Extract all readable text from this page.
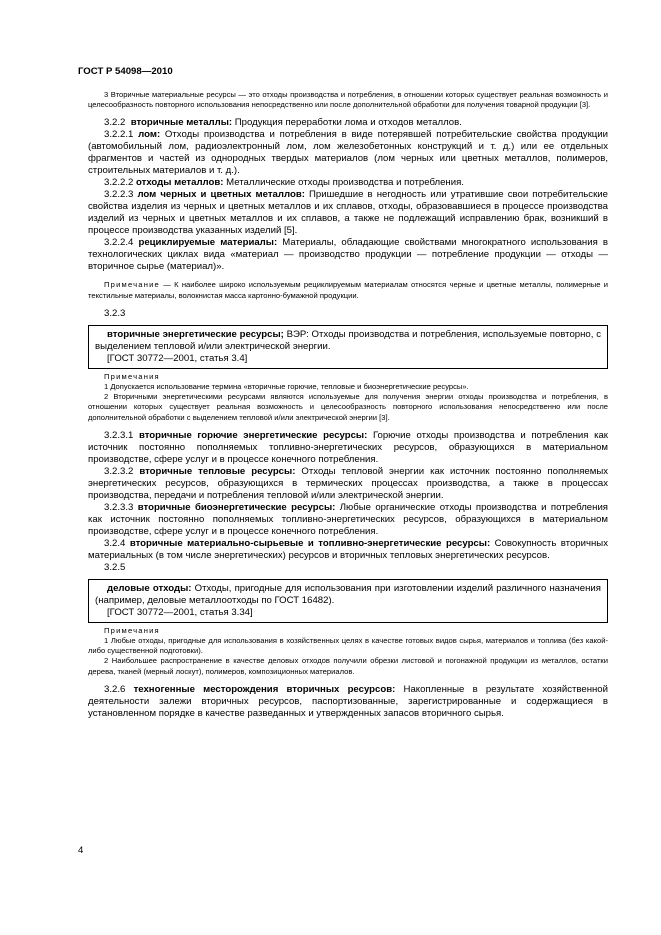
ГОСТ Р 54098—2010

3 Вторичные материальные ресурсы — это отходы производства и потребления, в отношении которых существует реальная возможность и целесообразность повторного использования непосредственно или после дополнительной обработки для получения товарной продукции [3].

3.2.2 вторичные металлы: Продукция переработки лома и отходов металлов.

3.2.2.1 лом: Отходы производства и потребления в виде потерявшей потребительские свойства продукции (автомобильный лом, радиоэлектронный лом, лом железобетонных конструкций и т. д.) или ее отдельных фрагментов и частей из однородных твердых материалов (лом черных или цветных металлов, полимеров, строительных материалов и т. д.).

3.2.2.2 отходы металлов: Металлические отходы производства и потребления.

3.2.2.3 лом черных и цветных металлов: Пришедшие в негодность или утратившие свои потребительские свойства изделия из черных и цветных металлов и их сплавов, отходы, образовавшиеся в процессе производства изделий из черных и цветных металлов и их сплавов, а также не подлежащий исправлению брак, возникший в процессе производства указанных изделий [5].

3.2.2.4 рециклируемые материалы: Материалы, обладающие свойствами многократного использования в технологических циклах вида «материал — производство продукции — потребление продукции — отходы — вторичное сырье (материал)».

Примечание — К наиболее широко используемым рециклируемым материалам относятся черные и цветные металлы, полимерные и текстильные материалы, волокнистая масса картонно-бумажной продукции.

3.2.3

вторичные энергетические ресурсы; ВЭР: Отходы производства и потребления, используемые повторно, с выделением тепловой и/или электрической энергии.

[ГОСТ 30772—2001, статья 3.4]

Примечания

1 Допускается использование термина «вторичные горючие, тепловые и биоэнергетические ресурсы».

2 Вторичными энергетическими ресурсами являются используемые для получения энергии отходы производства и потребления, в отношении которых существует реальная возможность и целесообразность повторного использования непосредственно или после дополнительной обработки с выделением тепловой и/или электрической энергии [3].

3.2.3.1 вторичные горючие энергетические ресурсы: Горючие отходы производства и потребления как источник постоянно пополняемых топливно-энергетических ресурсов, образующихся в материальном производстве, сфере услуг и в процессе конечного потребления.

3.2.3.2 вторичные тепловые ресурсы: Отходы тепловой энергии как источник постоянно пополняемых энергетических ресурсов, образующихся в термических процессах производства, а также в процессах производства, передачи и потребления тепловой и/или электрической энергии.

3.2.3.3 вторичные биоэнергетические ресурсы: Любые органические отходы производства и потребления как источник постоянно пополняемых топливно-энергетических ресурсов, образующихся в материальном производстве, сфере услуг и в процессе конечного потребления.

3.2.4 вторичные материально-сырьевые и топливно-энергетические ресурсы: Совокупность вторичных материальных (в том числе энергетических) ресурсов и вторичных тепловых энергетических ресурсов.

3.2.5

деловые отходы: Отходы, пригодные для использования при изготовлении изделий различного назначения (например, деловые металлоотходы по ГОСТ 16482).

[ГОСТ 30772—2001, статья 3.34]

Примечания

1 Любые отходы, пригодные для использования в хозяйственных целях в качестве готовых видов сырья, материалов и топлива (без какой-либо существенной подготовки).

2 Наибольшее распространение в качестве деловых отходов получили обрезки листовой и погонажной продукции из металлов, остатки дерева, тканей (мерный лоскут), полимеров, композиционных материалов.

3.2.6 техногенные месторождения вторичных ресурсов: Накопленные в результате хозяйственной деятельности залежи вторичных ресурсов, паспортизованные, зарегистрированные и содержащиеся в установленном порядке в качестве разведанных и утвержденных запасов вторичного сырья.

4
